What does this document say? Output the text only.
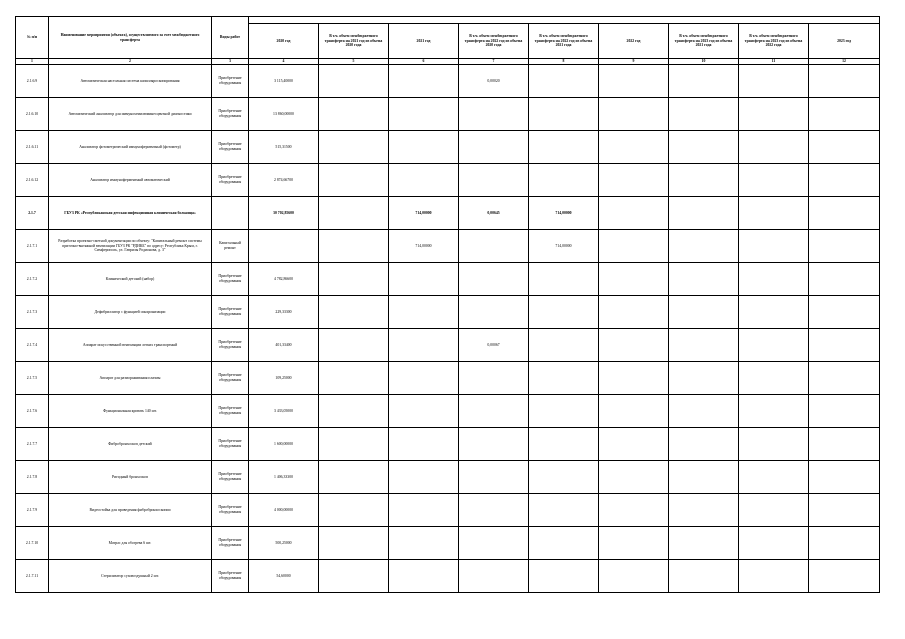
№ п/п	Наименование мероприятия (объекта), осуществляемого за счет межбюджетного трансферта	Виды работ									
			2020 год	В т.ч. объем межбюджетного трансферта на 2021 год из объема 2020 года	2021 год	В т.ч. объем межбюджетного трансферта на 2022 год из объема 2020 года	В т.ч. объем межбюджетного трансферта на 2022 год из объема 2021 года	2022 год	В т.ч. объем межбюджетного трансферта на 2023 год из объема 2021 года	В т.ч. объем межбюджетного трансферта на 2023 год из объема 2022 года	2023 год
1	2	3	4	5	6	7	8	9	10	11	12
2.1.6.9	Автоматическая настольная система капилляроскопирования	Приобретение оборудования	3 115,40000			0,00020					
2.1.6.10	Автоматический анализатор для иммунохемилюминесцентной диагностики	Приобретение оборудования	13 860,00000								
2.1.6.11	Анализатор фотометрический иммуноферментный (фотометр)	Приобретение оборудования	515,31500								
2.1.6.12	Анализатор иммуноферментный автоматический	Приобретение оборудования	2 874,66700								
2.1.7	ГБУЗ РК «Республиканская детская инфекционная клиническая больница»		30 702,85600		714,00000	0,00645	714,00000				
2.1.7.1	Разработка проектно-сметной документации по объекту: "Капитальный ремонт системы приточно-вытяжной вентиляции ГБУЗ РК "РДИКБ" по адресу: Республика Крым, г. Симферополь, ул. Гаврилы Родионова, д. 3"	Капитальный ремонт			714,00000		714,00000				
2.1.7.2	Клинический детский (набор)	Приобретение оборудования	4 782,86600								
2.1.7.3	Дефибриллятор с функцией синхронизации	Приобретение оборудования	229,33300								
2.1.7.4	Аппарат искусственной вентиляции легких транспортный	Приобретение оборудования	401,33400			0,00067					
2.1.7.5	Аппарат для размораживания плазмы	Приобретение оборудования	109,25000								
2.1.7.6	Функциональная кровать 140 шт.	Приобретение оборудования	3 433,05000								
2.1.7.7	Фибробронхоскоп детский	Приобретение оборудования	1 600,00000								
2.1.7.8	Ригидный бронхоскоп	Приобретение оборудования	1 406,33300								
2.1.7.9	Видеостойка для проведения фибробронхоскопии	Приобретение оборудования	4 000,00000								
2.1.7.10	Матрас для обогрева 6 шт.	Приобретение оборудования	500,25000								
2.1.7.11	Стерилизатор суховоздушный 2 шт.	Приобретение оборудования	54,60000								
